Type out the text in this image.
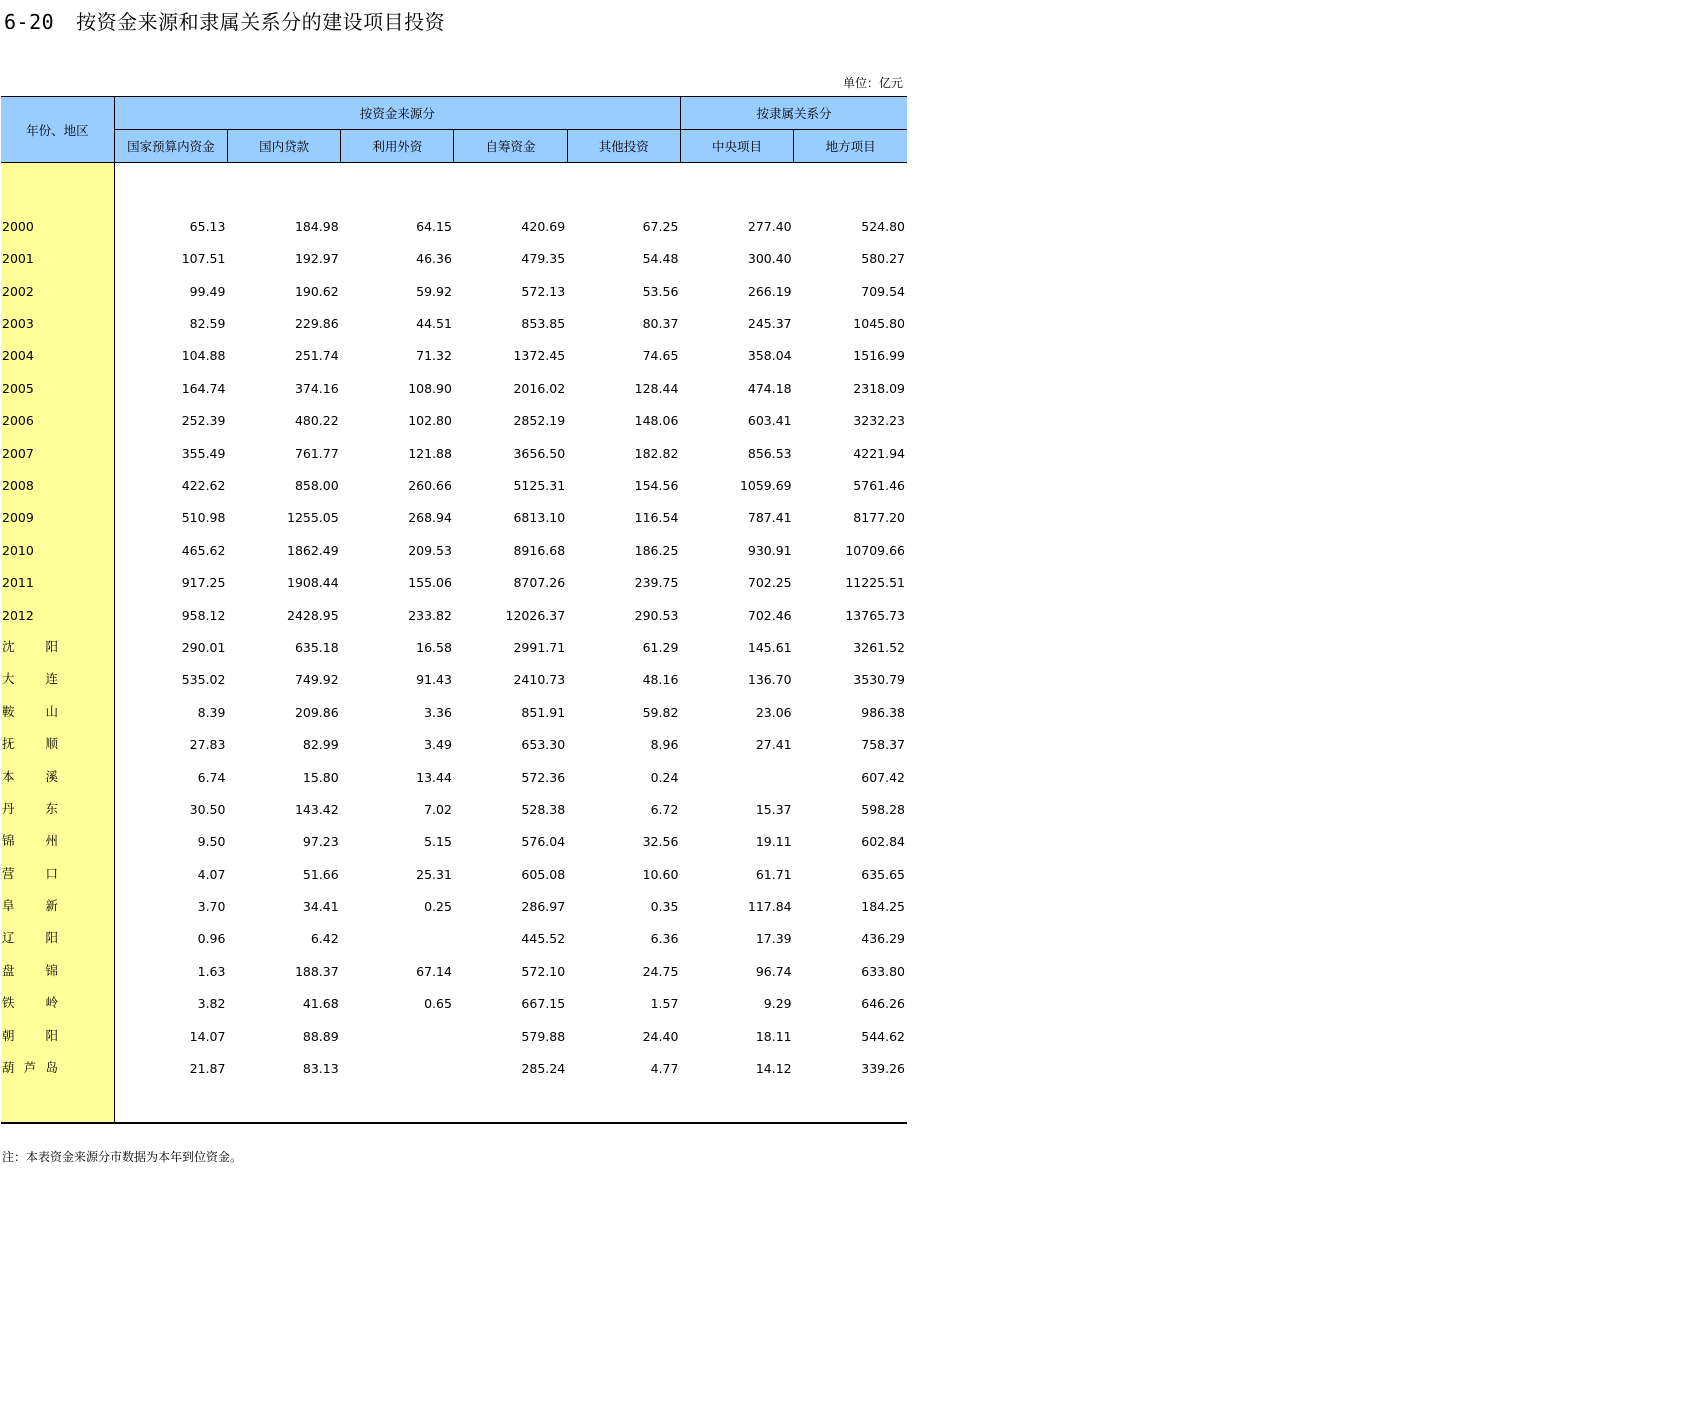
6-20 按资金来源和隶属关系分的建设项目投资
单位：亿元
年份、地区	按资金来源分					按隶属关系分	
	国家预算内资金	国内贷款	利用外资	自筹资金	其他投资	中央项目	地方项目

2000	65.13	184.98	64.15	420.69	67.25	277.40	524.80
2001	107.51	192.97	46.36	479.35	54.48	300.40	580.27
2002	99.49	190.62	59.92	572.13	53.56	266.19	709.54
2003	82.59	229.86	44.51	853.85	80.37	245.37	1045.80
2004	104.88	251.74	71.32	1372.45	74.65	358.04	1516.99
2005	164.74	374.16	108.90	2016.02	128.44	474.18	2318.09
2006	252.39	480.22	102.80	2852.19	148.06	603.41	3232.23
2007	355.49	761.77	121.88	3656.50	182.82	856.53	4221.94
2008	422.62	858.00	260.66	5125.31	154.56	1059.69	5761.46
2009	510.98	1255.05	268.94	6813.10	116.54	787.41	8177.20
2010	465.62	1862.49	209.53	8916.68	186.25	930.91	10709.66
2011	917.25	1908.44	155.06	8707.26	239.75	702.25	11225.51
2012	958.12	2428.95	233.82	12026.37	290.53	702.46	13765.73
沈阳	290.01	635.18	16.58	2991.71	61.29	145.61	3261.52
大连	535.02	749.92	91.43	2410.73	48.16	136.70	3530.79
鞍山	8.39	209.86	3.36	851.91	59.82	23.06	986.38
抚顺	27.83	82.99	3.49	653.30	8.96	27.41	758.37
本溪	6.74	15.80	13.44	572.36	0.24		607.42
丹东	30.50	143.42	7.02	528.38	6.72	15.37	598.28
锦州	9.50	97.23	5.15	576.04	32.56	19.11	602.84
营口	4.07	51.66	25.31	605.08	10.60	61.71	635.65
阜新	3.70	34.41	0.25	286.97	0.35	117.84	184.25
辽阳	0.96	6.42		445.52	6.36	17.39	436.29
盘锦	1.63	188.37	67.14	572.10	24.75	96.74	633.80
铁岭	3.82	41.68	0.65	667.15	1.57	9.29	646.26
朝阳	14.07	88.89		579.88	24.40	18.11	544.62
葫芦岛	21.87	83.13		285.24	4.77	14.12	339.26

注：本表资金来源分市数据为本年到位资金。
